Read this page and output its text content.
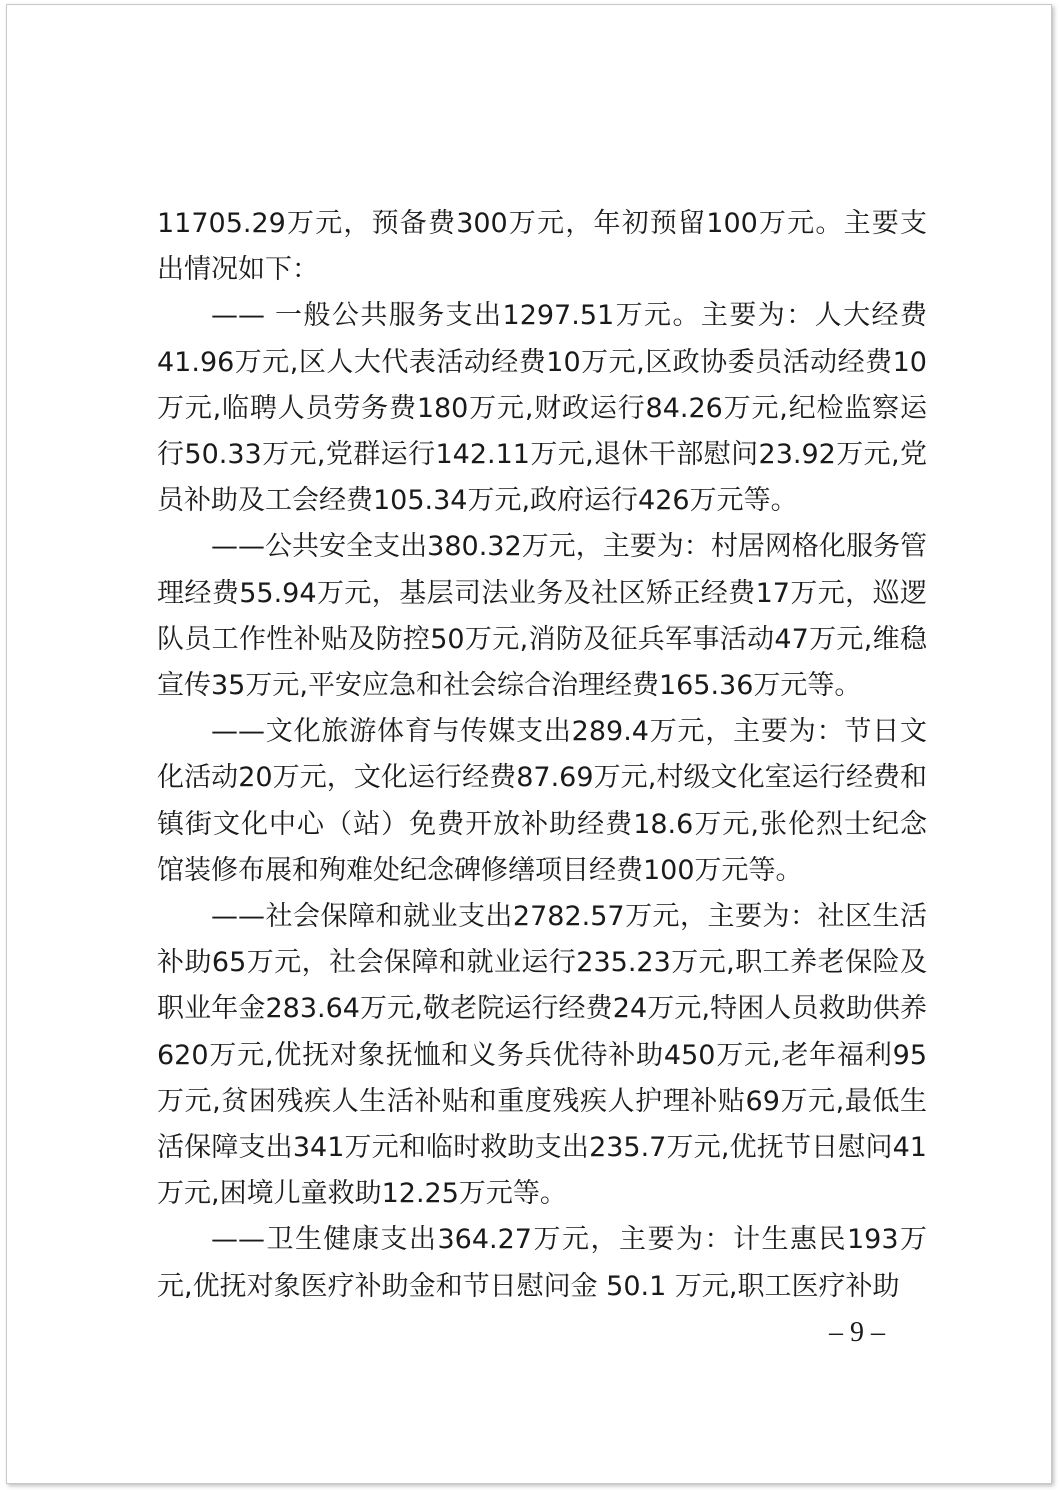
11705.29万元，预备费300万元，年初预留100万元。主要支出情况如下：

—— 一般公共服务支出1297.51万元。主要为：人大经费41.96万元,区人大代表活动经费10万元,区政协委员活动经费10万元,临聘人员劳务费180万元,财政运行84.26万元,纪检监察运行50.33万元,党群运行142.11万元,退休干部慰问23.92万元,党员补助及工会经费105.34万元,政府运行426万元等。

——公共安全支出380.32万元，主要为：村居网格化服务管理经费55.94万元，基层司法业务及社区矫正经费17万元，巡逻队员工作性补贴及防控50万元,消防及征兵军事活动47万元,维稳宣传35万元,平安应急和社会综合治理经费165.36万元等。

——文化旅游体育与传媒支出289.4万元，主要为：节日文化活动20万元，文化运行经费87.69万元,村级文化室运行经费和镇街文化中心（站）免费开放补助经费18.6万元,张伦烈士纪念馆装修布展和殉难处纪念碑修缮项目经费100万元等。

——社会保障和就业支出2782.57万元，主要为：社区生活补助65万元，社会保障和就业运行235.23万元,职工养老保险及职业年金283.64万元,敬老院运行经费24万元,特困人员救助供养620万元,优抚对象抚恤和义务兵优待补助450万元,老年福利95万元,贫困残疾人生活补贴和重度残疾人护理补贴69万元,最低生活保障支出341万元和临时救助支出235.7万元,优抚节日慰问41万元,困境儿童救助12.25万元等。

——卫生健康支出364.27万元，主要为：计生惠民193万元,优抚对象医疗补助金和节日慰问金 50.1 万元,职工医疗补助

– 9 –
